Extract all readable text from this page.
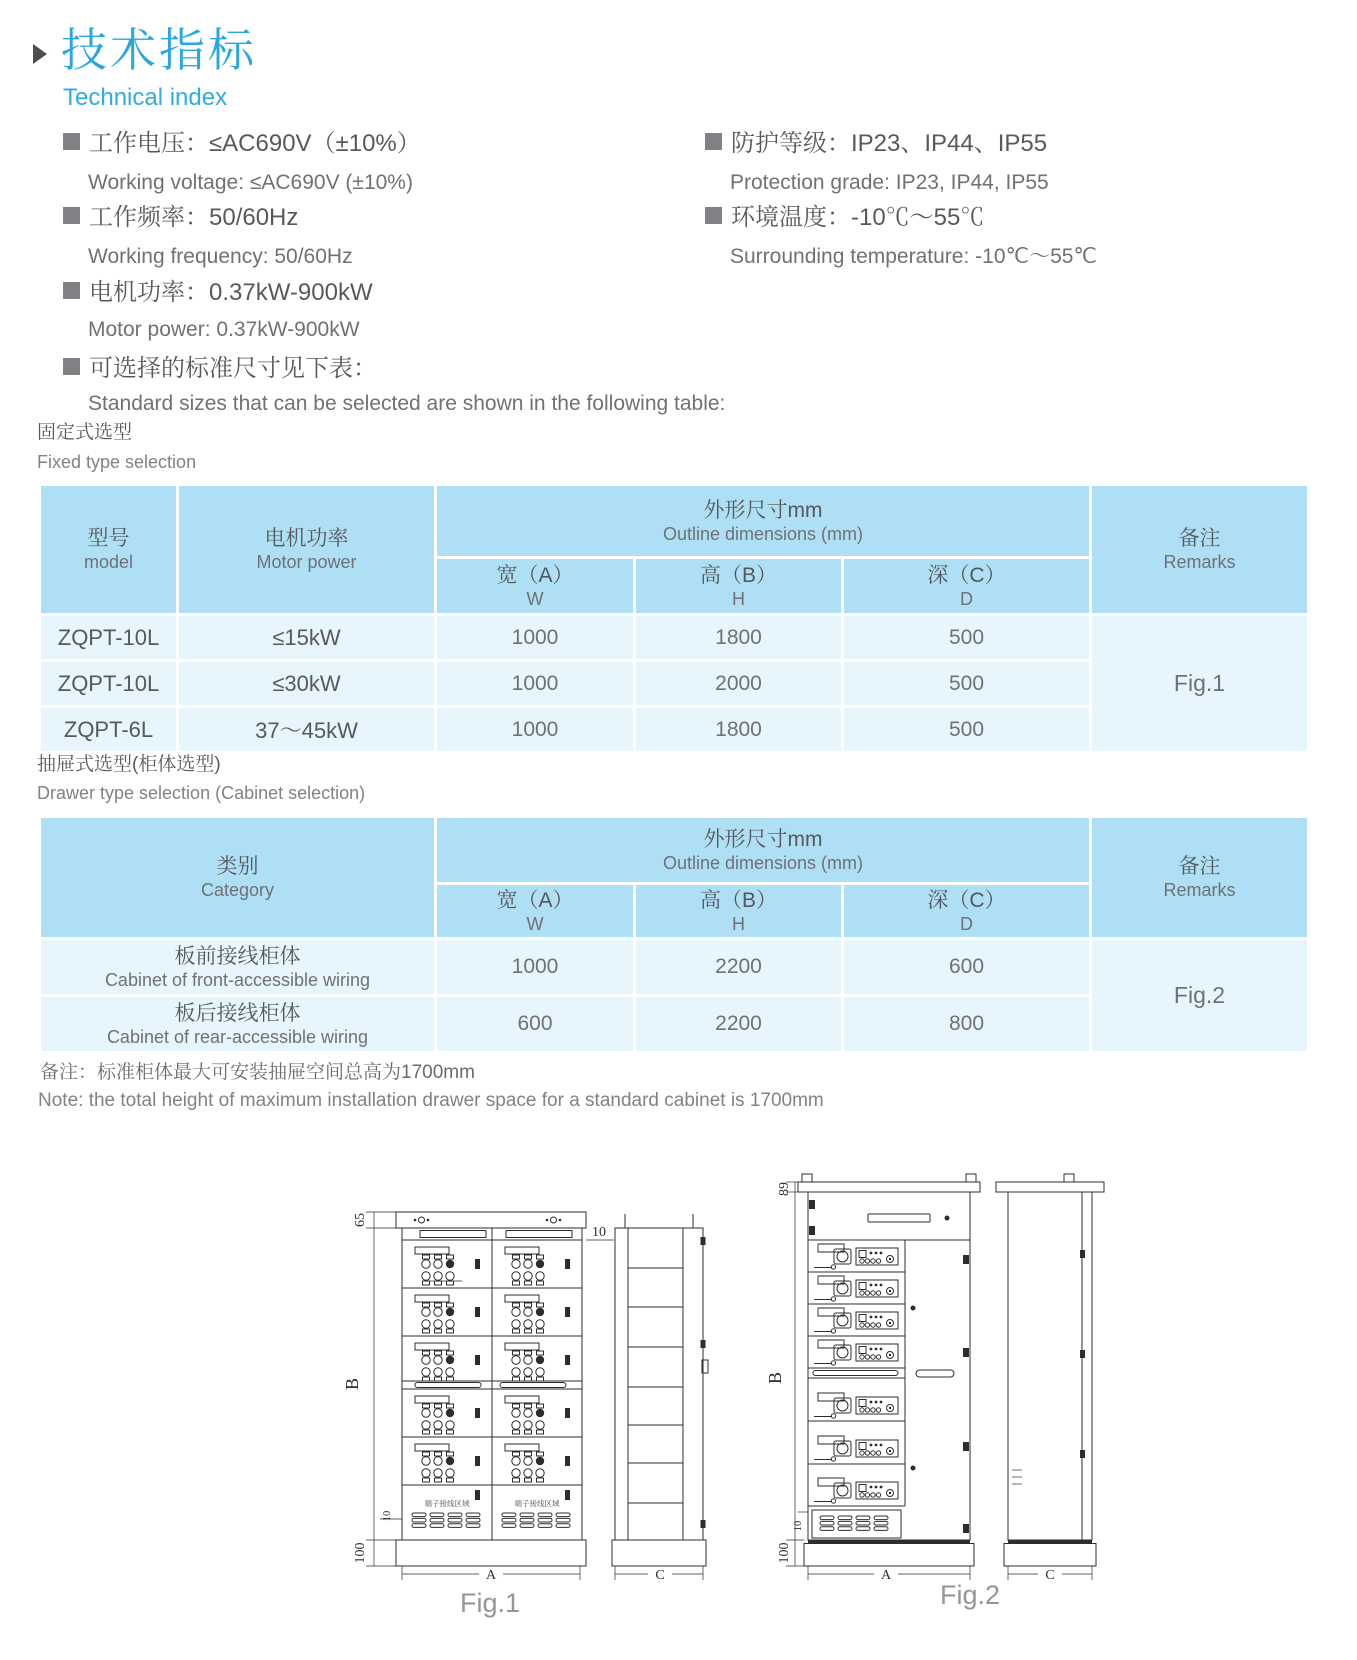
技术指标
Technical index
工作电压：≤AC690V（±10%）
Working voltage: ≤AC690V (±10%)
工作频率：50/60Hz
Working frequency: 50/60Hz
电机功率：0.37kW-900kW
Motor power: 0.37kW-900kW
可选择的标准尺寸见下表：
Standard sizes that can be selected are shown in the following table:
防护等级：IP23、IP44、IP55
Protection grade: IP23, IP44, IP55
环境温度：-10℃～55℃
Surrounding temperature: -10℃～55℃
固定式选型
Fixed type selection
型号
model	电机功率
Motor power	外形尺寸mm
Outline dimensions (mm)			备注
Remarks

		宽（A）
W	高（B）
H	深（C）
D	

ZQPT-10L	≤15kW	1000	1800	500	Fig.1
ZQPT-10L	≤30kW	1000	2000	500	
ZQPT-6L	37～45kW	1000	1800	500	
抽屉式选型(柜体选型)
Drawer type selection (Cabinet selection)
类别
Category	外形尺寸mm
Outline dimensions (mm)			备注
Remarks

	宽（A）
W	高（B）
H	深（C）
D	

板前接线柜体
Cabinet of front-accessible wiring	1000	2200	600	Fig.2

板后接线柜体
Cabinet of rear-accessible wiring	600	2200	800	
备注：标准柜体最大可安装抽屉空间总高为1700mm
Note: the total height of maximum installation drawer space for a standard cabinet is 1700mm
端子接线区域	端子接线区域
65
B
10
100
10
A	C
89
B
10
100
A	C
Fig.1	Fig.2
